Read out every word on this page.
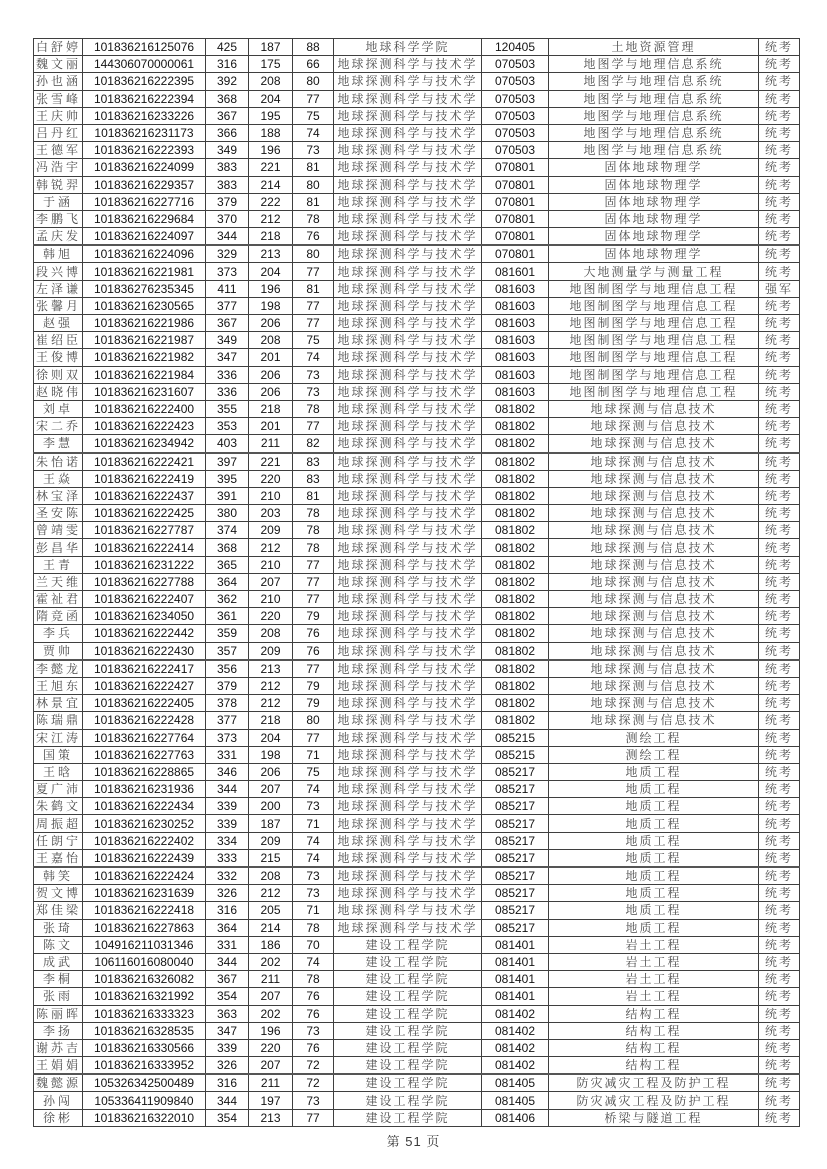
白舒婷	101836216125076	425	187	88	地球科学学院	120405	土地资源管理	统考
魏文丽	144306070000061	316	175	66	地球探测科学与技术学	070503	地图学与地理信息系统	统考
孙也涵	101836216222395	392	208	80	地球探测科学与技术学	070503	地图学与地理信息系统	统考
张雪峰	101836216222394	368	204	77	地球探测科学与技术学	070503	地图学与地理信息系统	统考
王庆帅	101836216233226	367	195	75	地球探测科学与技术学	070503	地图学与地理信息系统	统考
吕丹红	101836216231173	366	188	74	地球探测科学与技术学	070503	地图学与地理信息系统	统考
王德军	101836216222393	349	196	73	地球探测科学与技术学	070503	地图学与地理信息系统	统考
冯浩宇	101836216224099	383	221	81	地球探测科学与技术学	070801	固体地球物理学	统考
韩锐羿	101836216229357	383	214	80	地球探测科学与技术学	070801	固体地球物理学	统考
于涵	101836216227716	379	222	81	地球探测科学与技术学	070801	固体地球物理学	统考
李鹏飞	101836216229684	370	212	78	地球探测科学与技术学	070801	固体地球物理学	统考
孟庆发	101836216224097	344	218	76	地球探测科学与技术学	070801	固体地球物理学	统考
韩旭	101836216224096	329	213	80	地球探测科学与技术学	070801	固体地球物理学	统考
段兴博	101836216221981	373	204	77	地球探测科学与技术学	081601	大地测量学与测量工程	统考
左泽谦	101836276235345	411	196	81	地球探测科学与技术学	081603	地图制图学与地理信息工程	强军
张馨月	101836216230565	377	198	77	地球探测科学与技术学	081603	地图制图学与地理信息工程	统考
赵强	101836216221986	367	206	77	地球探测科学与技术学	081603	地图制图学与地理信息工程	统考
崔绍臣	101836216221987	349	208	75	地球探测科学与技术学	081603	地图制图学与地理信息工程	统考
王俊博	101836216221982	347	201	74	地球探测科学与技术学	081603	地图制图学与地理信息工程	统考
徐则双	101836216221984	336	206	73	地球探测科学与技术学	081603	地图制图学与地理信息工程	统考
赵晓伟	101836216231607	336	206	73	地球探测科学与技术学	081603	地图制图学与地理信息工程	统考
刘卓	101836216222400	355	218	78	地球探测科学与技术学	081802	地球探测与信息技术	统考
宋二乔	101836216222423	353	201	77	地球探测科学与技术学	081802	地球探测与信息技术	统考
李慧	101836216234942	403	211	82	地球探测科学与技术学	081802	地球探测与信息技术	统考
朱怡诺	101836216222421	397	221	83	地球探测科学与技术学	081802	地球探测与信息技术	统考
王焱	101836216222419	395	220	83	地球探测科学与技术学	081802	地球探测与信息技术	统考
林宝泽	101836216222437	391	210	81	地球探测科学与技术学	081802	地球探测与信息技术	统考
圣安陈	101836216222425	380	203	78	地球探测科学与技术学	081802	地球探测与信息技术	统考
曾靖雯	101836216227787	374	209	78	地球探测科学与技术学	081802	地球探测与信息技术	统考
彭昌华	101836216222414	368	212	78	地球探测科学与技术学	081802	地球探测与信息技术	统考
王青	101836216231222	365	210	77	地球探测科学与技术学	081802	地球探测与信息技术	统考
兰天维	101836216227788	364	207	77	地球探测科学与技术学	081802	地球探测与信息技术	统考
霍祉君	101836216222407	362	210	77	地球探测科学与技术学	081802	地球探测与信息技术	统考
隋竞函	101836216234050	361	220	79	地球探测科学与技术学	081802	地球探测与信息技术	统考
李兵	101836216222442	359	208	76	地球探测科学与技术学	081802	地球探测与信息技术	统考
贾帅	101836216222430	357	209	76	地球探测科学与技术学	081802	地球探测与信息技术	统考
李懿龙	101836216222417	356	213	77	地球探测科学与技术学	081802	地球探测与信息技术	统考
王旭东	101836216222427	379	212	79	地球探测科学与技术学	081802	地球探测与信息技术	统考
林景宜	101836216222405	378	212	79	地球探测科学与技术学	081802	地球探测与信息技术	统考
陈瑞鼎	101836216222428	377	218	80	地球探测科学与技术学	081802	地球探测与信息技术	统考
宋江涛	101836216227764	373	204	77	地球探测科学与技术学	085215	测绘工程	统考
国策	101836216227763	331	198	71	地球探测科学与技术学	085215	测绘工程	统考
王晗	101836216228865	346	206	75	地球探测科学与技术学	085217	地质工程	统考
夏广沛	101836216231936	344	207	74	地球探测科学与技术学	085217	地质工程	统考
朱鹤文	101836216222434	339	200	73	地球探测科学与技术学	085217	地质工程	统考
周振超	101836216230252	339	187	71	地球探测科学与技术学	085217	地质工程	统考
任朗宁	101836216222402	334	209	74	地球探测科学与技术学	085217	地质工程	统考
王嘉怡	101836216222439	333	215	74	地球探测科学与技术学	085217	地质工程	统考
韩笑	101836216222424	332	208	73	地球探测科学与技术学	085217	地质工程	统考
贺文博	101836216231639	326	212	73	地球探测科学与技术学	085217	地质工程	统考
郑佳梁	101836216222418	316	205	71	地球探测科学与技术学	085217	地质工程	统考
张琦	101836216227863	364	214	78	地球探测科学与技术学	085217	地质工程	统考
陈文	104916211031346	331	186	70	建设工程学院	081401	岩土工程	统考
成武	106116016080040	344	202	74	建设工程学院	081401	岩土工程	统考
李桐	101836216326082	367	211	78	建设工程学院	081401	岩土工程	统考
张雨	101836216321992	354	207	76	建设工程学院	081401	岩土工程	统考
陈丽晖	101836216333323	363	202	76	建设工程学院	081402	结构工程	统考
李扬	101836216328535	347	196	73	建设工程学院	081402	结构工程	统考
谢苏吉	101836216330566	339	220	76	建设工程学院	081402	结构工程	统考
王娟娟	101836216333952	326	207	72	建设工程学院	081402	结构工程	统考
魏懿源	105326342500489	316	211	72	建设工程学院	081405	防灾减灾工程及防护工程	统考
孙闯	105336411909840	344	197	73	建设工程学院	081405	防灾减灾工程及防护工程	统考
徐彬	101836216322010	354	213	77	建设工程学院	081406	桥梁与隧道工程	统考
第 51 页
